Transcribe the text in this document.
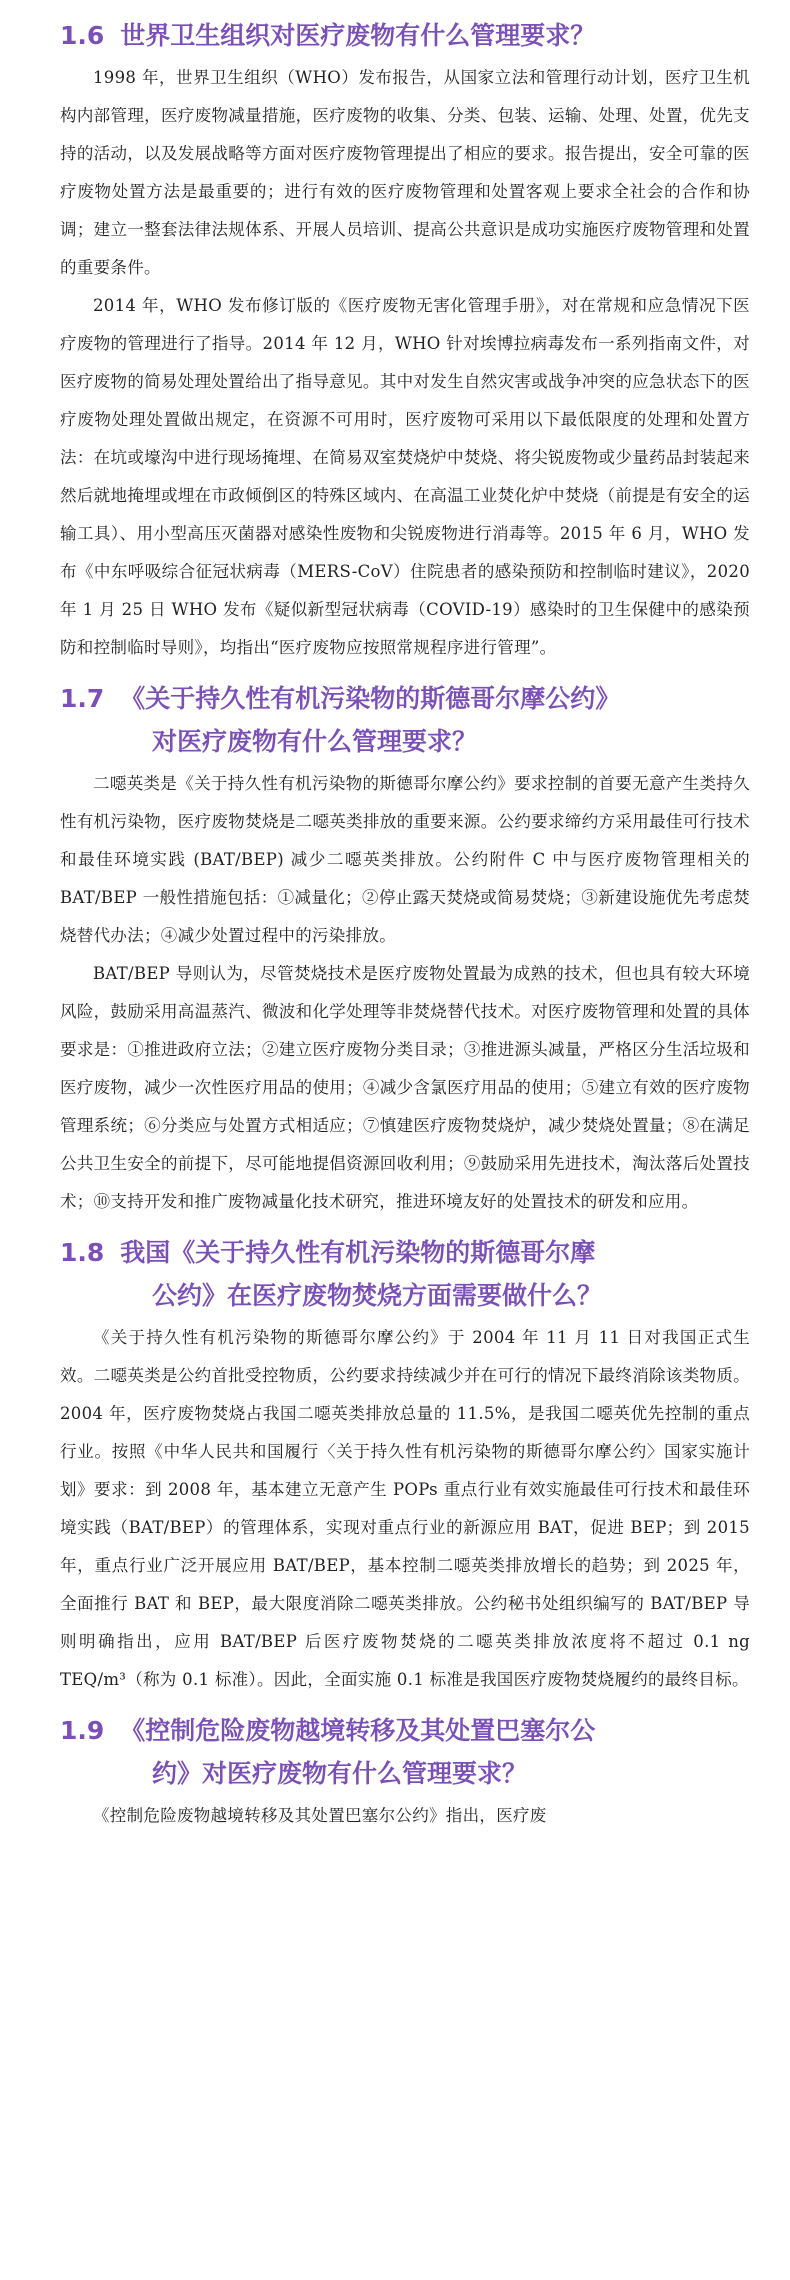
1.6 世界卫生组织对医疗废物有什么管理要求？

1998 年，世界卫生组织（WHO）发布报告，从国家立法和管理行动计划，医疗卫生机构内部管理，医疗废物减量措施，医疗废物的收集、分类、包装、运输、处理、处置，优先支持的活动，以及发展战略等方面对医疗废物管理提出了相应的要求。报告提出，安全可靠的医疗废物处置方法是最重要的；进行有效的医疗废物管理和处置客观上要求全社会的合作和协调；建立一整套法律法规体系、开展人员培训、提高公共意识是成功实施医疗废物管理和处置的重要条件。

2014 年，WHO 发布修订版的《医疗废物无害化管理手册》，对在常规和应急情况下医疗废物的管理进行了指导。2014 年 12 月，WHO 针对埃博拉病毒发布一系列指南文件，对医疗废物的简易处理处置给出了指导意见。其中对发生自然灾害或战争冲突的应急状态下的医疗废物处理处置做出规定，在资源不可用时，医疗废物可采用以下最低限度的处理和处置方法：在坑或壕沟中进行现场掩埋、在简易双室焚烧炉中焚烧、将尖锐废物或少量药品封装起来然后就地掩埋或埋在市政倾倒区的特殊区域内、在高温工业焚化炉中焚烧（前提是有安全的运输工具）、用小型高压灭菌器对感染性废物和尖锐废物进行消毒等。2015 年 6 月，WHO 发布《中东呼吸综合征冠状病毒（MERS-CoV）住院患者的感染预防和控制临时建议》，2020 年 1 月 25 日 WHO 发布《疑似新型冠状病毒（COVID-19）感染时的卫生保健中的感染预防和控制临时导则》，均指出“医疗废物应按照常规程序进行管理”。

1.7 《关于持久性有机污染物的斯德哥尔摩公约》
对医疗废物有什么管理要求？

二噁英类是《关于持久性有机污染物的斯德哥尔摩公约》要求控制的首要无意产生类持久性有机污染物，医疗废物焚烧是二噁英类排放的重要来源。公约要求缔约方采用最佳可行技术和最佳环境实践 (BAT/BEP) 减少二噁英类排放。公约附件 C 中与医疗废物管理相关的 BAT/BEP 一般性措施包括：①减量化；②停止露天焚烧或简易焚烧；③新建设施优先考虑焚烧替代办法；④减少处置过程中的污染排放。

BAT/BEP 导则认为，尽管焚烧技术是医疗废物处置最为成熟的技术，但也具有较大环境风险，鼓励采用高温蒸汽、微波和化学处理等非焚烧替代技术。对医疗废物管理和处置的具体要求是：①推进政府立法；②建立医疗废物分类目录；③推进源头减量，严格区分生活垃圾和医疗废物，减少一次性医疗用品的使用；④减少含氯医疗用品的使用；⑤建立有效的医疗废物管理系统；⑥分类应与处置方式相适应；⑦慎建医疗废物焚烧炉，减少焚烧处置量；⑧在满足公共卫生安全的前提下，尽可能地提倡资源回收利用；⑨鼓励采用先进技术，淘汰落后处置技术；⑩支持开发和推广废物减量化技术研究，推进环境友好的处置技术的研发和应用。

1.8 我国《关于持久性有机污染物的斯德哥尔摩
公约》在医疗废物焚烧方面需要做什么？

《关于持久性有机污染物的斯德哥尔摩公约》于 2004 年 11 月 11 日对我国正式生效。二噁英类是公约首批受控物质，公约要求持续减少并在可行的情况下最终消除该类物质。2004 年，医疗废物焚烧占我国二噁英类排放总量的 11.5%，是我国二噁英优先控制的重点行业。按照《中华人民共和国履行〈关于持久性有机污染物的斯德哥尔摩公约〉国家实施计划》要求：到 2008 年，基本建立无意产生 POPs 重点行业有效实施最佳可行技术和最佳环境实践（BAT/BEP）的管理体系，实现对重点行业的新源应用 BAT，促进 BEP；到 2015 年，重点行业广泛开展应用 BAT/BEP，基本控制二噁英类排放增长的趋势；到 2025 年，全面推行 BAT 和 BEP，最大限度消除二噁英类排放。公约秘书处组织编写的 BAT/BEP 导则明确指出，应用 BAT/BEP 后医疗废物焚烧的二噁英类排放浓度将不超过 0.1 ng TEQ/m³（称为 0.1 标准）。因此，全面实施 0.1 标准是我国医疗废物焚烧履约的最终目标。

1.9 《控制危险废物越境转移及其处置巴塞尔公
约》对医疗废物有什么管理要求？

《控制危险废物越境转移及其处置巴塞尔公约》指出，医疗废
